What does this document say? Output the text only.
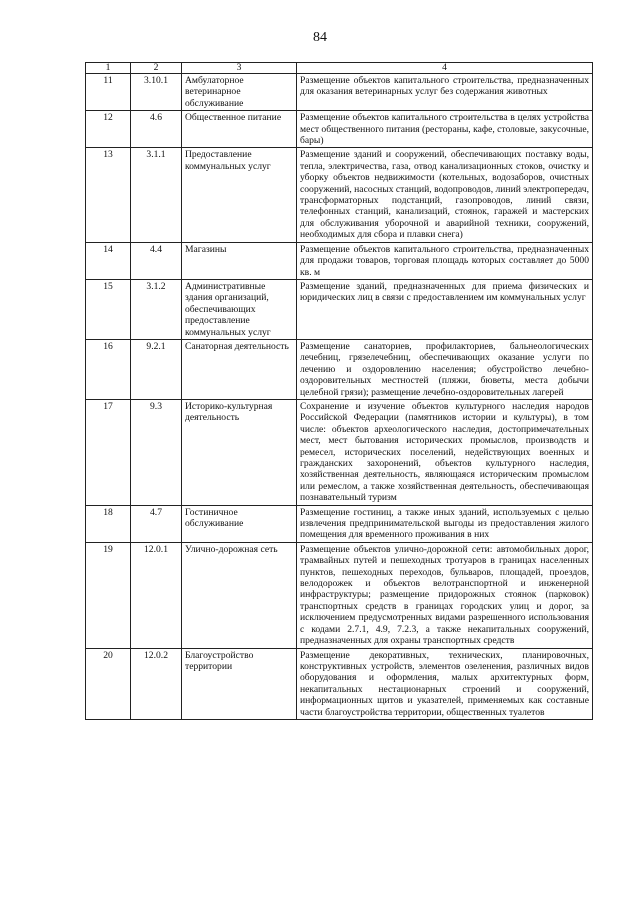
84
1	2	3	4
11	3.10.1	Амбулаторное ветеринарное обслуживание	Размещение объектов капитального строительства, предназначенных для оказания ветеринарных услуг без содержания животных
12	4.6	Общественное питание	Размещение объектов капитального строительства в целях устройства мест общественного питания (рестораны, кафе, столовые, закусочные, бары)
13	3.1.1	Предоставление коммунальных услуг	Размещение зданий и сооружений, обеспечивающих поставку воды, тепла, электричества, газа, отвод канализационных стоков, очистку и уборку объектов недвижимости (котельных, водозаборов, очистных сооружений, насосных станций, водопроводов, линий электропередач, трансформаторных подстанций, газопроводов, линий связи, телефонных станций, канализаций, стоянок, гаражей и мастерских для обслуживания уборочной и аварийной техники, сооружений, необходимых для сбора и плавки снега)
14	4.4	Магазины	Размещение объектов капитального строительства, предназначенных для продажи товаров, торговая площадь которых составляет до 5000 кв. м
15	3.1.2	Административные здания организаций, обеспечивающих предоставление коммунальных услуг	Размещение зданий, предназначенных для приема физических и юридических лиц в связи с предоставлением им коммунальных услуг
16	9.2.1	Санаторная деятельность	Размещение санаториев, профилакториев, бальнеологических лечебниц, грязелечебниц, обеспечивающих оказание услуги по лечению и оздоровлению населения; обустройство лечебно-оздоровительных местностей (пляжи, бюветы, места добычи целебной грязи); размещение лечебно-оздоровительных лагерей
17	9.3	Историко-культурная деятельность	Сохранение и изучение объектов культурного наследия народов Российской Федерации (памятников истории и культуры), в том числе: объектов археологического наследия, достопримечательных мест, мест бытования исторических промыслов, производств и ремесел, исторических поселений, недействующих военных и гражданских захоронений, объектов культурного наследия, хозяйственная деятельность, являющаяся историческим промыслом или ремеслом, а также хозяйственная деятельность, обеспечивающая познавательный туризм
18	4.7	Гостиничное обслуживание	Размещение гостиниц, а также иных зданий, используемых с целью извлечения предпринимательской выгоды из предоставления жилого помещения для временного проживания в них
19	12.0.1	Улично-дорожная сеть	Размещение объектов улично-дорожной сети: автомобильных дорог, трамвайных путей и пешеходных тротуаров в границах населенных пунктов, пешеходных переходов, бульваров, площадей, проездов, велодорожек и объектов велотранспортной и инженерной инфраструктуры; размещение придорожных стоянок (парковок) транспортных средств в границах городских улиц и дорог, за исключением предусмотренных видами разрешенного использования с кодами 2.7.1, 4.9, 7.2.3, а также некапитальных сооружений, предназначенных для охраны транспортных средств
20	12.0.2	Благоустройство территории	Размещение декоративных, технических, планировочных, конструктивных устройств, элементов озеленения, различных видов оборудования и оформления, малых архитектурных форм, некапитальных нестационарных строений и сооружений, информационных щитов и указателей, применяемых как составные части благоустройства территории, общественных туалетов
